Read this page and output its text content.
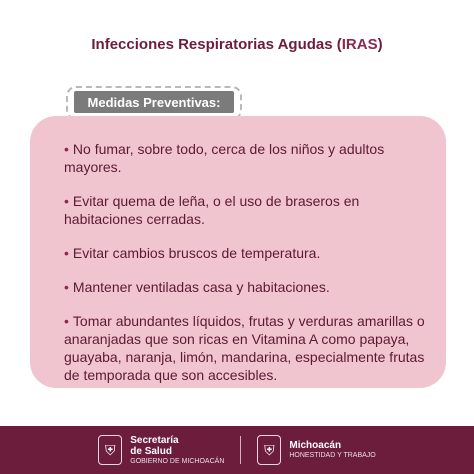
Infecciones Respiratorias Agudas (IRAS)
Medidas Preventivas:
• No fumar, sobre todo, cerca de los niños y adultos mayores.
• Evitar quema de leña, o el uso de braseros en habitaciones cerradas.
• Evitar cambios bruscos de temperatura.
• Mantener ventiladas casa y habitaciones.
• Tomar abundantes líquidos, frutas y verduras amarillas o anaranjadas que son ricas en Vitamina A como papaya, guayaba, naranja, limón, mandarina, especialmente frutas de temporada que son accesibles.
⛨
Secretaría
de Salud
GOBIERNO DE MICHOACÁN
⛨	Michoacán
HONESTIDAD Y TRABAJO
